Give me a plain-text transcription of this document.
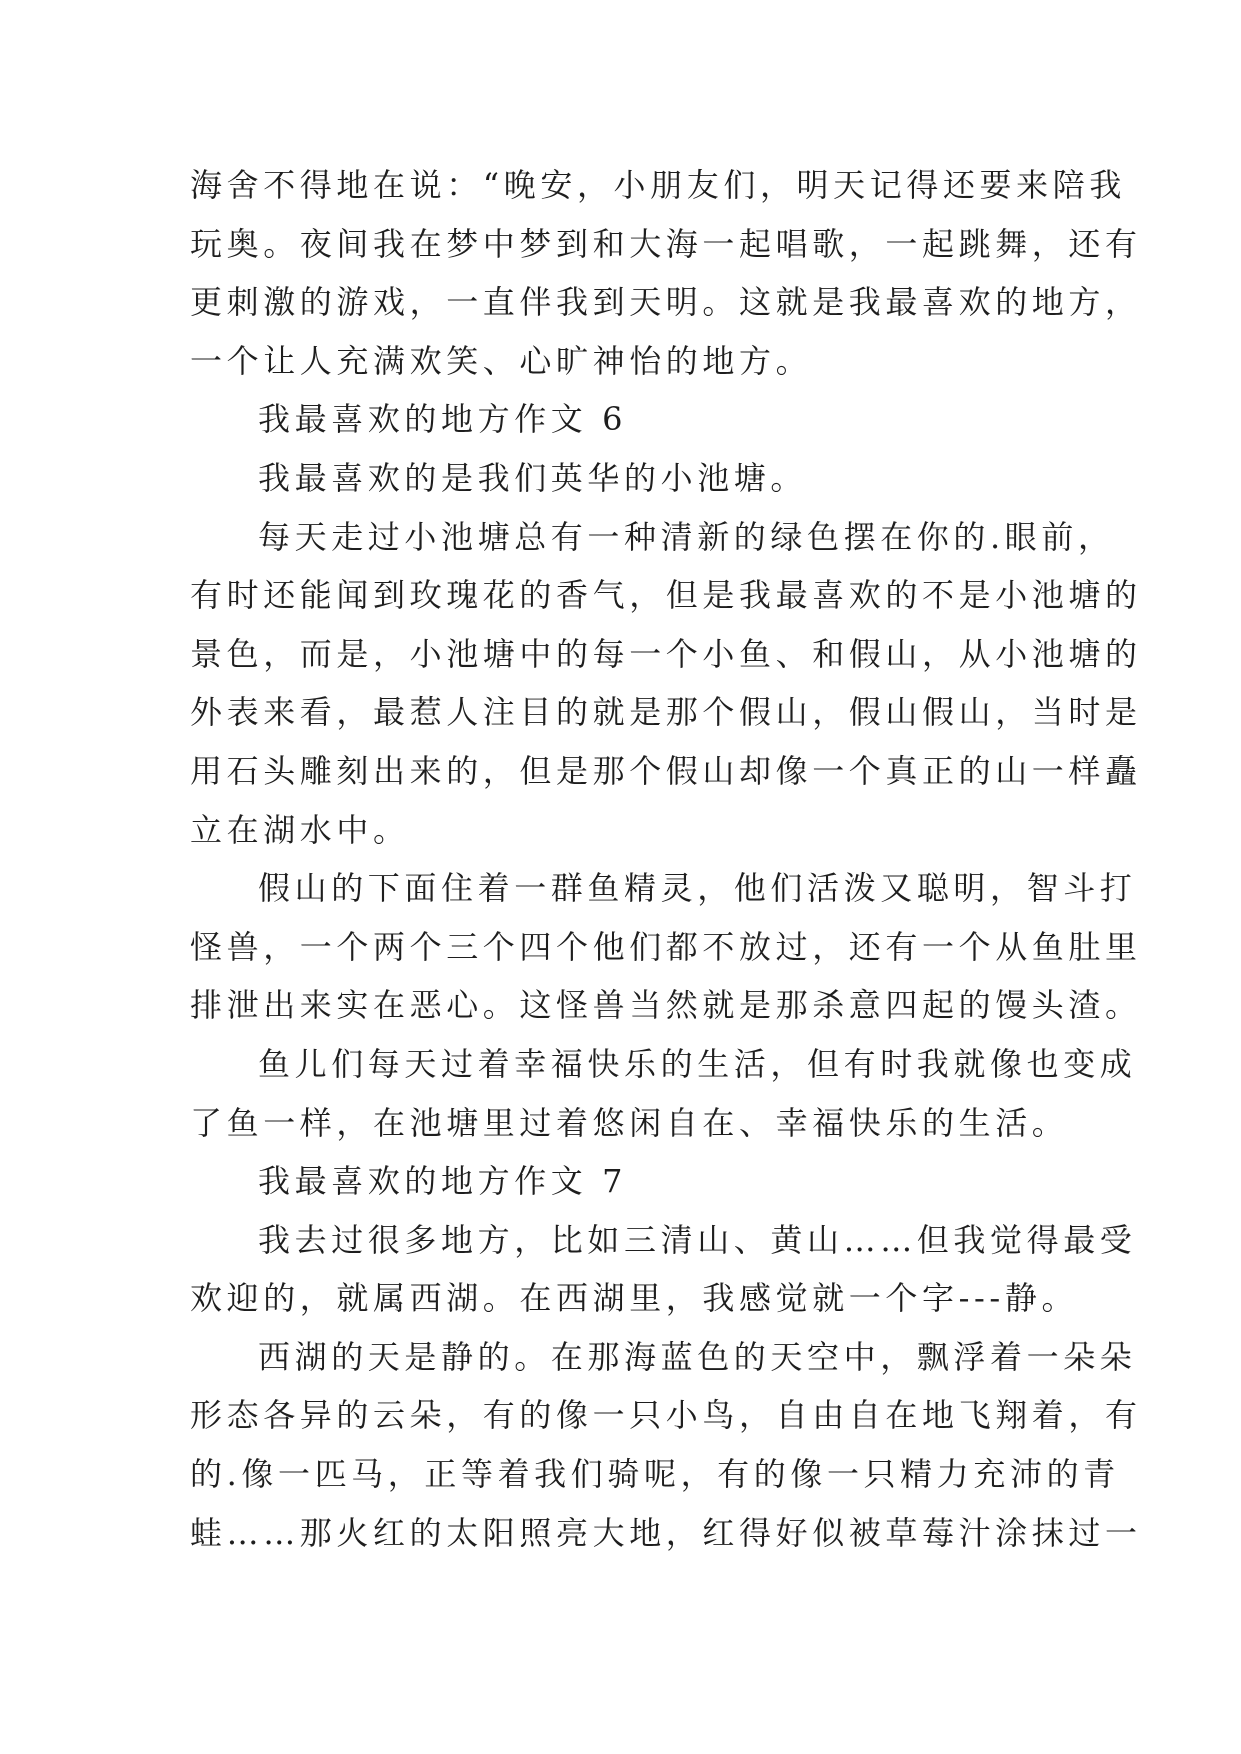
海舍不得地在说：“晚安，小朋友们，明天记得还要来陪我
玩奥。夜间我在梦中梦到和大海一起唱歌，一起跳舞，还有
更刺激的游戏，一直伴我到天明。这就是我最喜欢的地方，
一个让人充满欢笑、心旷神怡的地方。
我最喜欢的地方作文 6
我最喜欢的是我们英华的小池塘。
每天走过小池塘总有一种清新的绿色摆在你的.眼前，
有时还能闻到玫瑰花的香气，但是我最喜欢的不是小池塘的
景色，而是，小池塘中的每一个小鱼、和假山，从小池塘的
外表来看，最惹人注目的就是那个假山，假山假山，当时是
用石头雕刻出来的，但是那个假山却像一个真正的山一样矗
立在湖水中。
假山的下面住着一群鱼精灵，他们活泼又聪明，智斗打
怪兽，一个两个三个四个他们都不放过，还有一个从鱼肚里
排泄出来实在恶心。这怪兽当然就是那杀意四起的馒头渣。
鱼儿们每天过着幸福快乐的生活，但有时我就像也变成
了鱼一样，在池塘里过着悠闲自在、幸福快乐的生活。
我最喜欢的地方作文 7
我去过很多地方，比如三清山、黄山……但我觉得最受
欢迎的，就属西湖。在西湖里，我感觉就一个字---静。
西湖的天是静的。在那海蓝色的天空中，飘浮着一朵朵
形态各异的云朵，有的像一只小鸟，自由自在地飞翔着，有
的.像一匹马，正等着我们骑呢，有的像一只精力充沛的青
蛙……那火红的太阳照亮大地，红得好似被草莓汁涂抹过一
